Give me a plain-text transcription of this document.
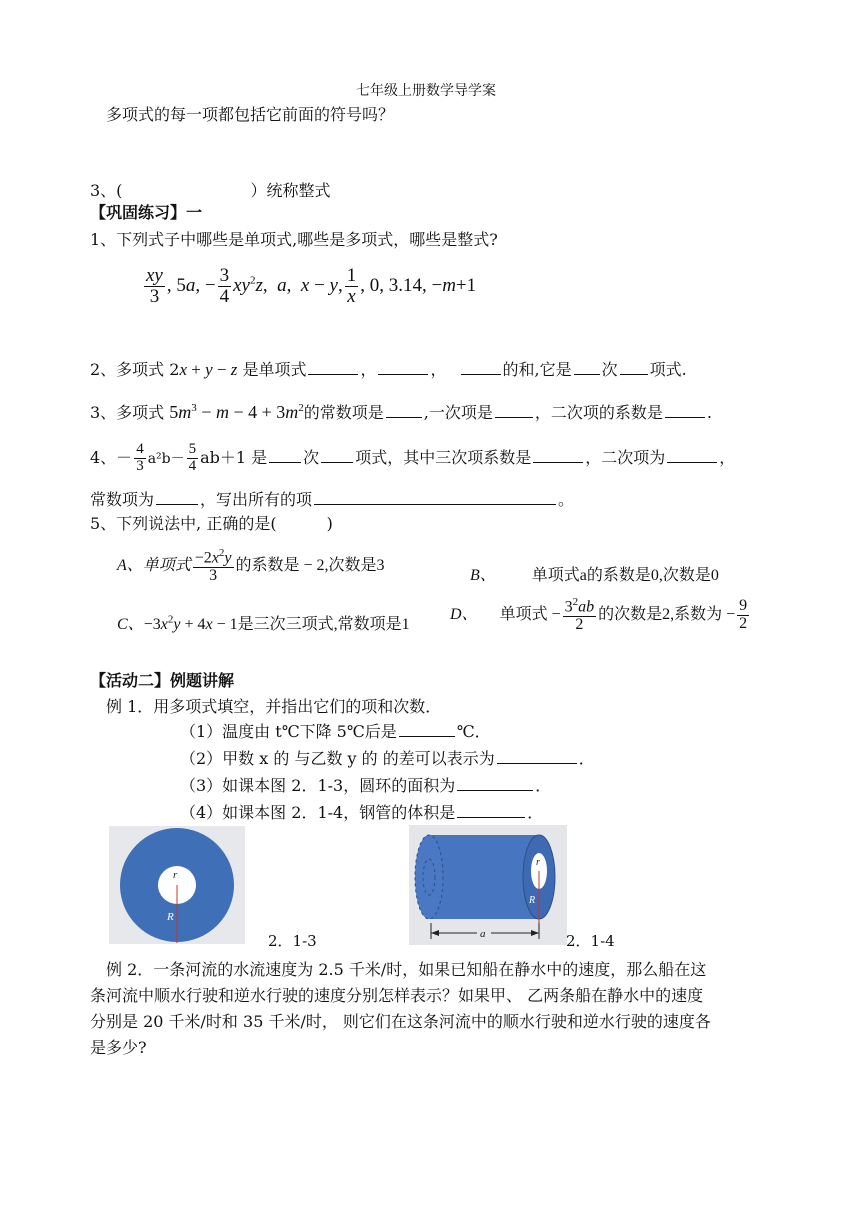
七年级上册数学导学案
多项式的每一项都包括它前面的符号吗？
3、(	）统称整式
【巩固练习】一
1、下列式子中哪些是单项式,哪些是多项式，哪些是整式?
$\frac{xy}{3}$ , 5a, − $\frac{3}{4} xy^2z$,  a,  x − y, $\frac{1}{x}$ , 0, 3.14, −m+1
2、多项式 2x + y − z 是单项式	，	，	的和,它是 次 项式.
3、多项式 $5m^3 - m - 4 + 3m^2$的常数项是	,一次项是	，二次项的系数是	.
4、－ $\frac{4}{3} a^2b- \frac{5}{4} ab+1$ 是 次 项式，其中三次项系数是	，二次项为	，
常数项为	，写出所有的项	。
5、下列说法中, 正确的是(	)
A、单项式 $\frac{-2x^2y}{3}$ 的系数是 − 2,次数是3
B、 单项式a的系数是0,次数是0
C、$-3x^2y + 4x - 1$是三次三项式,常数项是1
D、 单项式 − $\frac{3^2ab}{2}$ 的次数是2,系数为 − $\frac{9}{2}$
【活动二】例题讲解
例 1．用多项式填空，并指出它们的项和次数．
（1）温度由 t℃下降 5℃后是	℃．
（2）甲数 x 的 与乙数 y 的 的差可以表示为	．
（3）如课本图 2．1-3，圆环的面积为	．
（4）如课本图 2．1-4，钢管的体积是	．
r
R
2．1-3
r
R
a	2．1-4
例 2．一条河流的水流速度为 2.5 千米/时，如果已知船在静水中的速度，那么船在这
条河流中顺水行驶和逆水行驶的速度分别怎样表示？如果甲、 乙两条船在静水中的速度
分别是 20 千米/时和 35 千米/时， 则它们在这条河流中的顺水行驶和逆水行驶的速度各
是多少?
